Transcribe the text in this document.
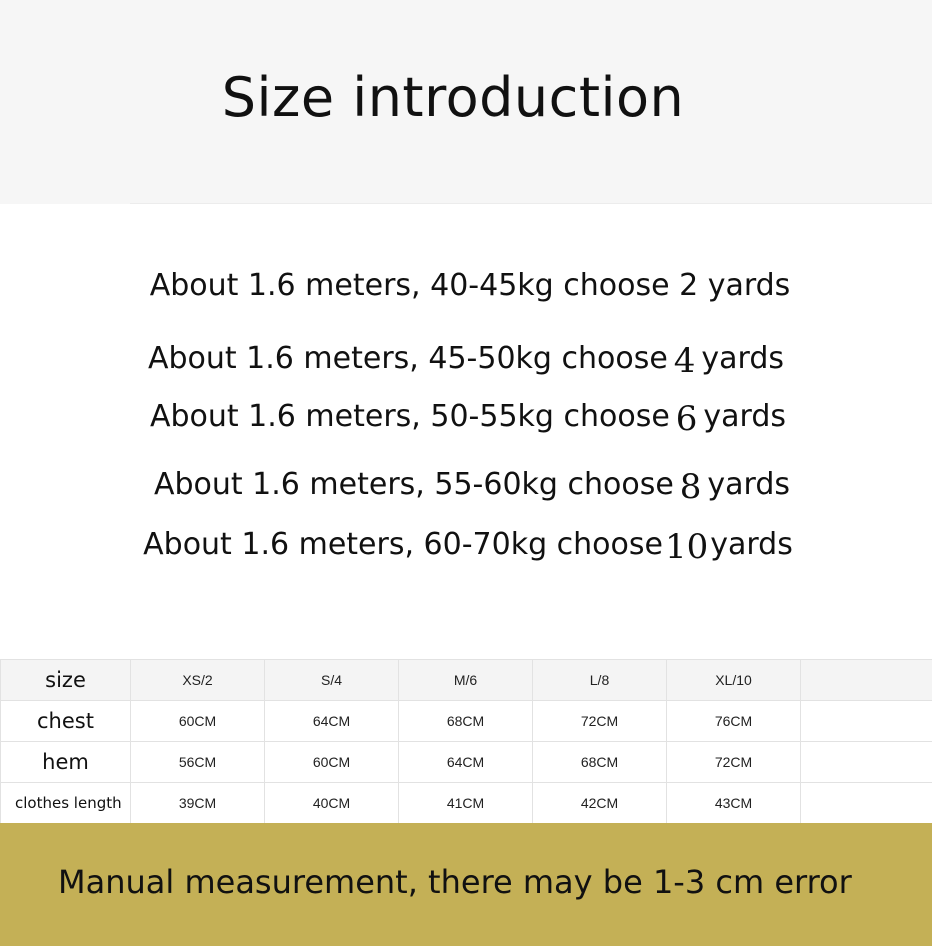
Size introduction
About 1.6 meters, 40-45kg choose 2 yards
About 1.6 meters, 45-50kg choose 4 yards
About 1.6 meters, 50-55kg choose 6 yards
About 1.6 meters, 55-60kg choose 8 yards
About 1.6 meters, 60-70kg choose10yards
size	XS/2	S/4	M/6	L/8	XL/10	
chest	60CM	64CM	68CM	72CM	76CM	
hem	56CM	60CM	64CM	68CM	72CM	
clothes length	39CM	40CM	41CM	42CM	43CM	
Manual measurement, there may be 1-3 cm error
